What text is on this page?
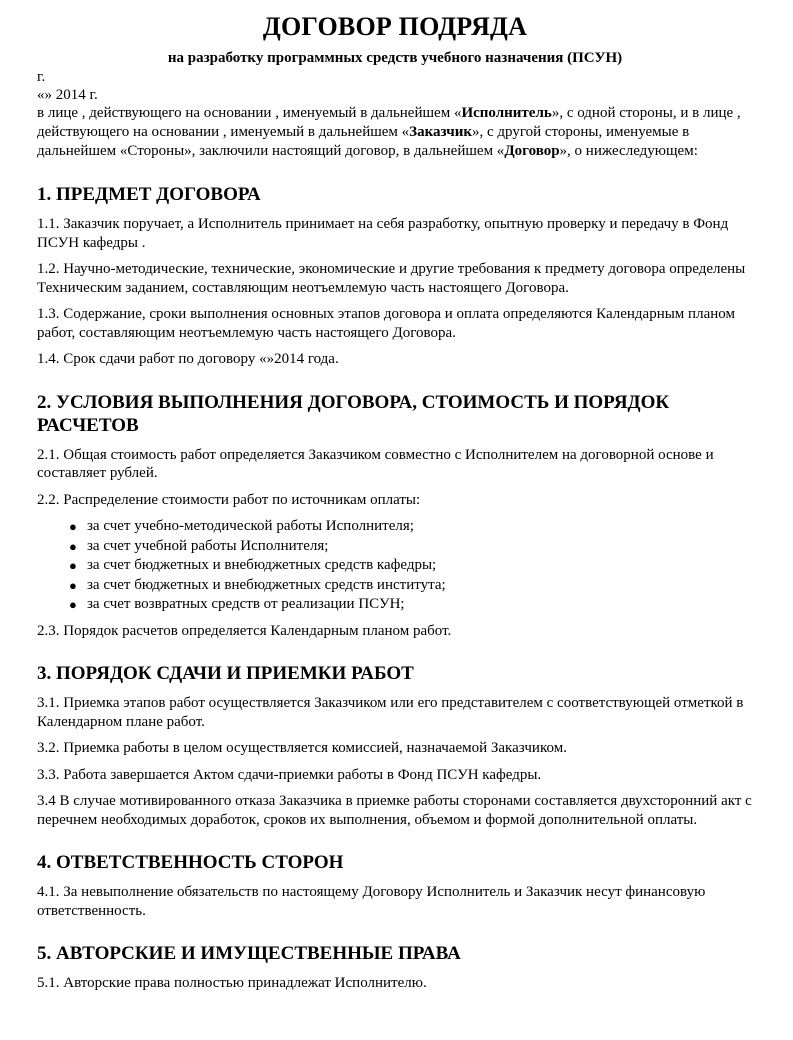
ДОГОВОР ПОДРЯДА
на разработку программных средств учебного назначения (ПСУН)
г.
«» 2014 г.
в лице , действующего на основании , именуемый в дальнейшем «Исполнитель», с одной стороны, и в лице , действующего на основании , именуемый в дальнейшем «Заказчик», с другой стороны, именуемые в дальнейшем «Стороны», заключили настоящий договор, в дальнейшем «Договор», о нижеследующем:
1. ПРЕДМЕТ ДОГОВОРА

1.1. Заказчик поручает, а Исполнитель принимает на себя разработку, опытную проверку и передачу в Фонд ПСУН кафедры .

1.2. Научно-методические, технические, экономические и другие требования к предмету договора определены Техническим заданием, составляющим неотъемлемую часть настоящего Договора.

1.3. Содержание, сроки выполнения основных этапов договора и оплата определяются Календарным планом работ, составляющим неотъемлемую часть настоящего Договора.

1.4. Срок сдачи работ по договору «»2014 года.

2. УСЛОВИЯ ВЫПОЛНЕНИЯ ДОГОВОРА, СТОИМОСТЬ И ПОРЯДОК РАСЧЕТОВ

2.1. Общая стоимость работ определяется Заказчиком совместно с Исполнителем на договорной основе и составляет рублей.

2.2. Распределение стоимости работ по источникам оплаты:

● за счет учебно-методической работы Исполнителя;
● за счет учебной работы Исполнителя;
● за счет бюджетных и внебюджетных средств кафедры;
● за счет бюджетных и внебюджетных средств института;
● за счет возвратных средств от реализации ПСУН;

2.3. Порядок расчетов определяется Календарным планом работ.

3. ПОРЯДОК СДАЧИ И ПРИЕМКИ РАБОТ

3.1. Приемка этапов работ осуществляется Заказчиком или его представителем с соответствующей отметкой в Календарном плане работ.

3.2. Приемка работы в целом осуществляется комиссией, назначаемой Заказчиком.

3.3. Работа завершается Актом сдачи-приемки работы в Фонд ПСУН кафедры.

3.4 В случае мотивированного отказа Заказчика в приемке работы сторонами составляется двухсторонний акт с перечнем необходимых доработок, сроков их выполнения, объемом и формой дополнительной оплаты.

4. ОТВЕТСТВЕННОСТЬ СТОРОН

4.1. За невыполнение обязательств по настоящему Договору Исполнитель и Заказчик несут финансовую ответственность.

5. АВТОРСКИЕ И ИМУЩЕСТВЕННЫЕ ПРАВА

5.1. Авторские права полностью принадлежат Исполнителю.
